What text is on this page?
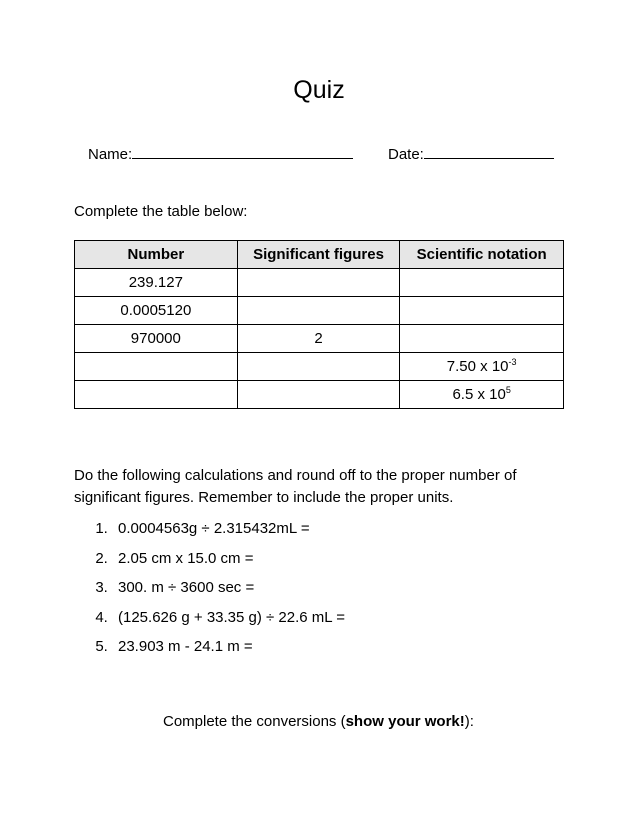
Quiz
Name:	Date:
Complete the table below:
Number	Significant figures	Scientific notation
239.127		
0.0005120		
970000	2	
		7.50 x $10^{-3}$
		6.5 x $10^5$
Do the following calculations and round off to the proper number of
significant figures. Remember to include the proper units.
1. 0.0004563g ÷ 2.315432mL =
2. 2.05 cm x 15.0 cm =
3. 300. m ÷ 3600 sec =
4. (125.626 g + 33.35 g) ÷ 22.6 mL =
5. 23.903 m - 24.1 m =
Complete the conversions (show your work!):
